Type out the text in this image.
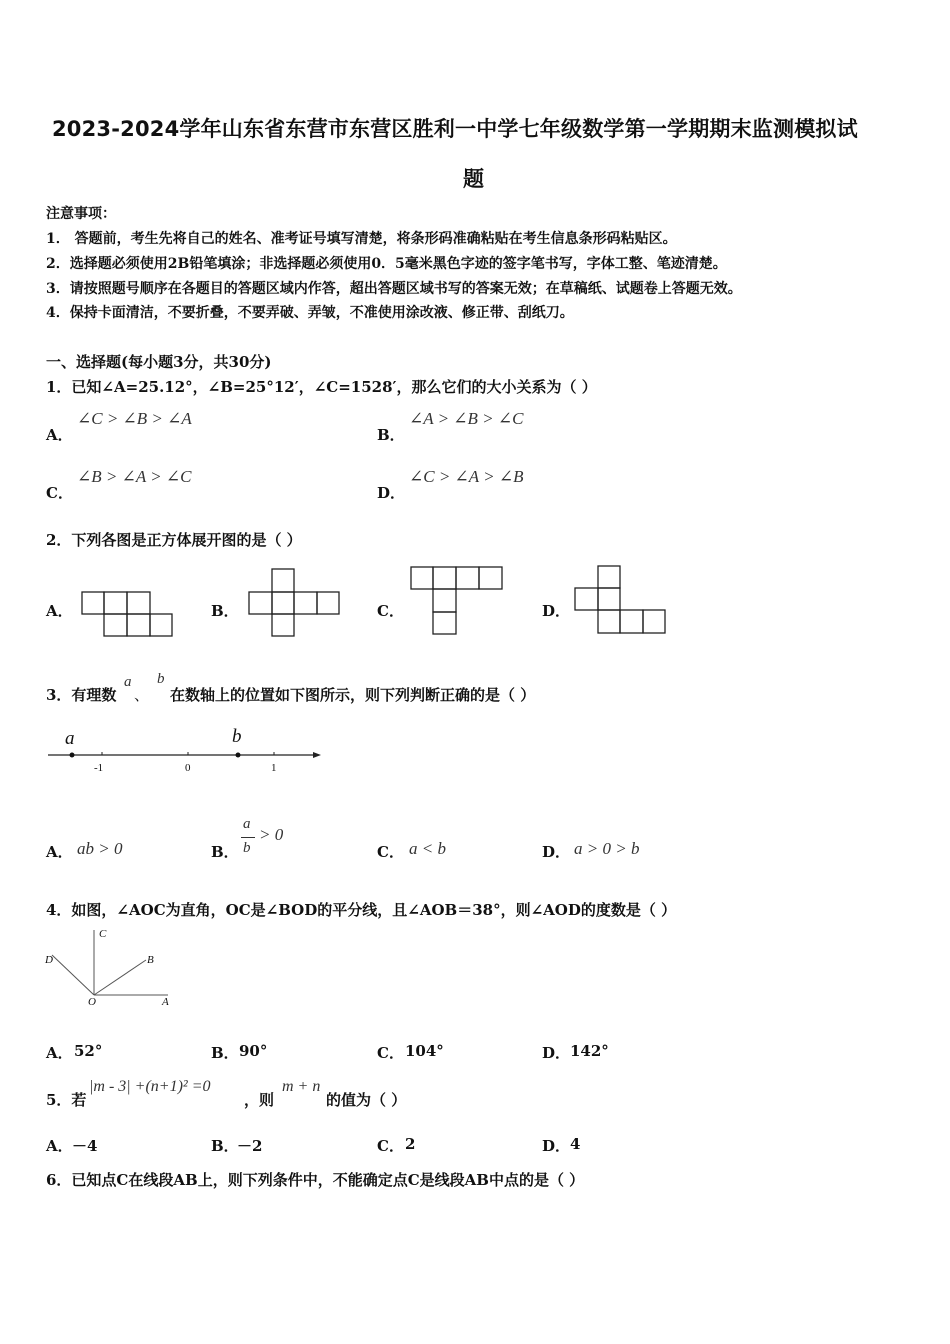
2023-2024学年山东省东营市东营区胜利一中学七年级数学第一学期期末监测模拟试
题
注意事项：
1． 答题前，考生先将自己的姓名、准考证号填写清楚，将条形码准确粘贴在考生信息条形码粘贴区。
2．选择题必须使用2B铅笔填涂；非选择题必须使用0．5毫米黑色字迹的签字笔书写，字体工整、笔迹清楚。
3．请按照题号顺序在各题目的答题区域内作答，超出答题区域书写的答案无效；在草稿纸、试题卷上答题无效。
4．保持卡面清洁，不要折叠，不要弄破、弄皱，不准使用涂改液、修正带、刮纸刀。
一、选择题(每小题3分，共30分)
1．已知∠A=25.12°，∠B=25°12′，∠C=1528′，那么它们的大小关系为（ ）
A．
∠C > ∠B > ∠A
B．
∠A > ∠B > ∠C
C．
∠B > ∠A > ∠C
D．
∠C > ∠A > ∠B
2．下列各图是正方体展开图的是（ ）
A．	B．	C．	D．
3．有理数
a
、
b
在数轴上的位置如下图所示，则下列判断正确的是（ ）
a	b
-1	0	1
A． ab > 0	B．
a
b
> 0
C． a < b	D． a > 0 > b
4．如图，∠AOC为直角，OC是∠BOD的平分线，且∠AOB＝38°，则∠AOD的度数是（ ）
C
D	B
O	A
A． 52°	B． 90°	C． 104°	D． 142°
5．若
|m - 3| +(n+1)² =0
，则
m + n
的值为（ ）
A． －4	B．
－2	C． 2	D． 4
6．已知点C在线段AB上，则下列条件中，不能确定点C是线段AB中点的是（ ）
